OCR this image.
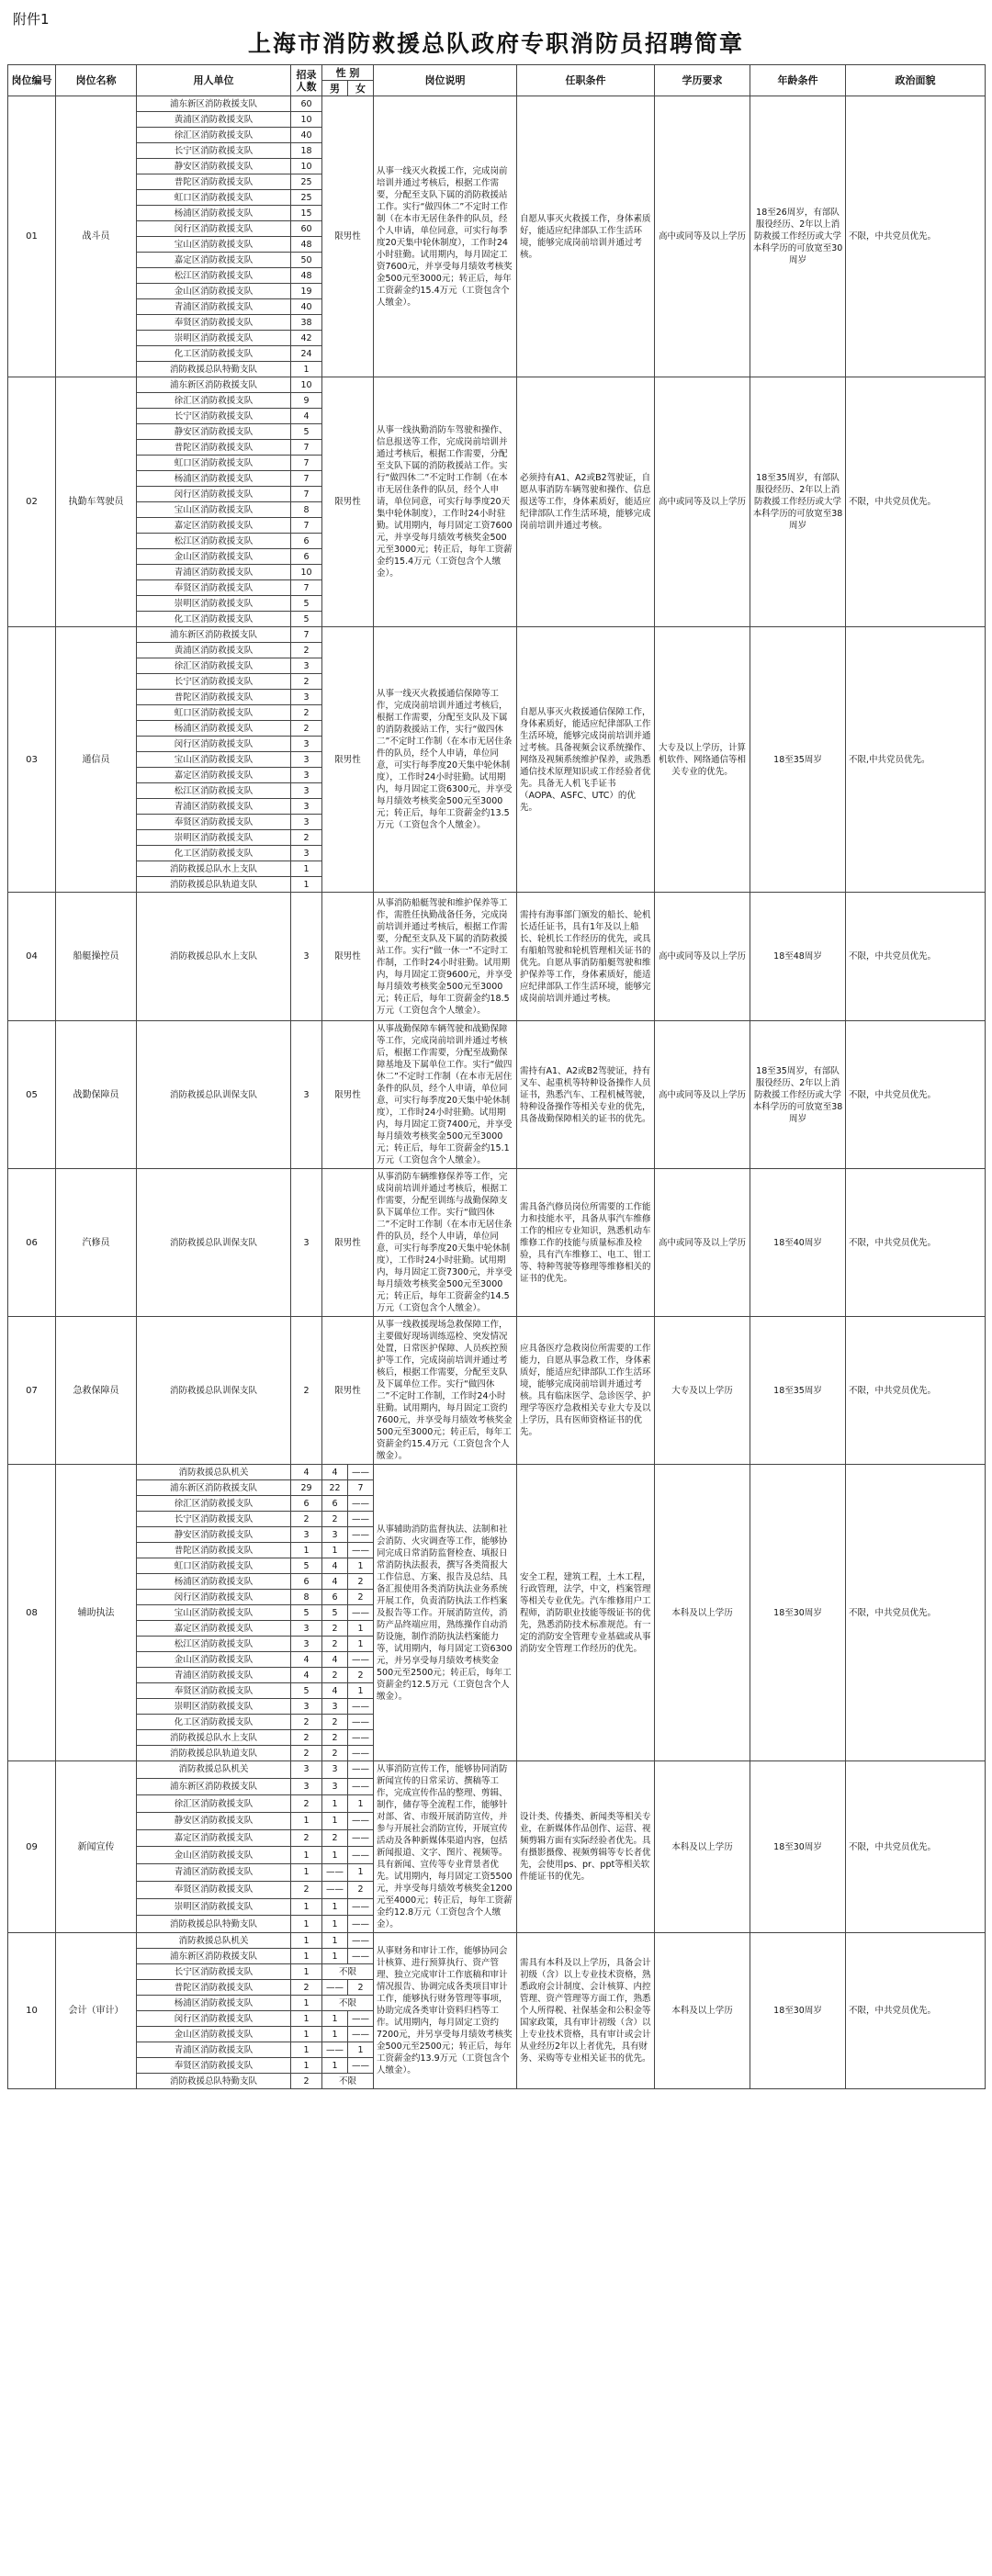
附件1
上海市消防救援总队政府专职消防员招聘简章
岗位编号	岗位名称	用人单位	招录人数	性 别		岗位说明	任职条件	学历要求	年龄条件	政治面貌
				男	女					
01	战斗员	浦东新区消防救援支队	60	限男性		从事一线灭火救援工作，完成岗前培训并通过考核后，根据工作需要，分配至支队下属的消防救援站工作。实行“做四休二”不定时工作制（在本市无居住条件的队员，经个人申请，单位同意，可实行每季度20天集中轮休制度），工作时24小时驻勤。试用期内，每月固定工资7600元，并享受每月绩效考核奖金500元至3000元；转正后，每年工资薪金约15.4万元（工资包含个人缴金）。	自愿从事灭火救援工作，身体素质好，能适应纪律部队工作生活环境，能够完成岗前培训并通过考核。	高中或同等及以上学历	18至26周岁，有部队服役经历、2年以上消防救援工作经历或大学本科学历的可放宽至30周岁	不限，中共党员优先。
		黄浦区消防救援支队	10							
		徐汇区消防救援支队	40							
		长宁区消防救援支队	18							
		静安区消防救援支队	10							
		普陀区消防救援支队	25							
		虹口区消防救援支队	25							
		杨浦区消防救援支队	15							
		闵行区消防救援支队	60							
		宝山区消防救援支队	48							
		嘉定区消防救援支队	50							
		松江区消防救援支队	48							
		金山区消防救援支队	19							
		青浦区消防救援支队	40							
		奉贤区消防救援支队	38							
		崇明区消防救援支队	42							
		化工区消防救援支队	24							
		消防救援总队特勤支队	1							
02	执勤车驾驶员	浦东新区消防救援支队	10	限男性		从事一线执勤消防车驾驶和操作、信息报送等工作，完成岗前培训并通过考核后，根据工作需要，分配至支队下属的消防救援站工作。实行“做四休二”不定时工作制（在本市无居住条件的队员，经个人申请，单位同意，可实行每季度20天集中轮休制度），工作时24小时驻勤。试用期内，每月固定工资7600元，并享受每月绩效考核奖金500元至3000元；转正后，每年工资薪金约15.4万元（工资包含个人缴金）。	必须持有A1、A2或B2驾驶证，自愿从事消防车辆驾驶和操作、信息报送等工作，身体素质好，能适应纪律部队工作生活环境，能够完成岗前培训并通过考核。	高中或同等及以上学历	18至35周岁，有部队服役经历、2年以上消防救援工作经历或大学本科学历的可放宽至38周岁	不限，中共党员优先。
		徐汇区消防救援支队	9							
		长宁区消防救援支队	4							
		静安区消防救援支队	5							
		普陀区消防救援支队	7							
		虹口区消防救援支队	7							
		杨浦区消防救援支队	7							
		闵行区消防救援支队	7							
		宝山区消防救援支队	8							
		嘉定区消防救援支队	7							
		松江区消防救援支队	6							
		金山区消防救援支队	6							
		青浦区消防救援支队	10							
		奉贤区消防救援支队	7							
		崇明区消防救援支队	5							
		化工区消防救援支队	5							
03	通信员	浦东新区消防救援支队	7	限男性		从事一线灭火救援通信保障等工作，完成岗前培训并通过考核后，根据工作需要，分配至支队及下属的消防救援站工作，实行“做四休二”不定时工作制（在本市无居住条件的队员，经个人申请，单位同意，可实行每季度20天集中轮休制度），工作时24小时驻勤。试用期内，每月固定工资6300元，并享受每月绩效考核奖金500元至3000元；转正后，每年工资薪金约13.5万元（工资包含个人缴金）。	自愿从事灭火救援通信保障工作，身体素质好，能适应纪律部队工作生活环境，能够完成岗前培训并通过考核。具备视频会议系统操作、网络及视频系统维护保养，或熟悉通信技术原理知识或工作经验者优先。具备无人机飞手证书（AOPA、ASFC、UTC）的优先。	大专及以上学历，计算机软件、网络通信等相关专业的优先。	18至35周岁	不限,中共党员优先。
		黄浦区消防救援支队	2							
		徐汇区消防救援支队	3							
		长宁区消防救援支队	2							
		普陀区消防救援支队	3							
		虹口区消防救援支队	2							
		杨浦区消防救援支队	2							
		闵行区消防救援支队	3							
		宝山区消防救援支队	3							
		嘉定区消防救援支队	3							
		松江区消防救援支队	3							
		青浦区消防救援支队	3							
		奉贤区消防救援支队	3							
		崇明区消防救援支队	2							
		化工区消防救援支队	3							
		消防救援总队水上支队	1							
		消防救援总队轨道支队	1							
04	船艇操控员	消防救援总队水上支队	3	限男性		从事消防船艇驾驶和维护保养等工作，需胜任执勤战备任务，完成岗前培训并通过考核后，根据工作需要，分配至支队及下属的消防救援站工作。实行“做一休一”不定时工作制，工作时24小时驻勤。试用期内，每月固定工资9600元，并享受每月绩效考核奖金500元至3000元；转正后，每年工资薪金约18.5万元（工资包含个人缴金）。	需持有海事部门颁发的船长、轮机长适任证书，具有1年及以上船长、轮机长工作经历的优先，或具有船舶驾驶和轮机管理相关证书的优先。自愿从事消防船艇驾驶和维护保养等工作，身体素质好，能适应纪律部队工作生活环境，能够完成岗前培训并通过考核。	高中或同等及以上学历	18至48周岁	不限，中共党员优先。
05	战勤保障员	消防救援总队训保支队	3	限男性		从事战勤保障车辆驾驶和战勤保障等工作，完成岗前培训并通过考核后，根据工作需要，分配至战勤保障基地及下属单位工作。实行“做四休二”不定时工作制（在本市无居住条件的队员，经个人申请，单位同意，可实行每季度20天集中轮休制度），工作时24小时驻勤。试用期内，每月固定工资7400元，并享受每月绩效考核奖金500元至3000元；转正后，每年工资薪金约15.1万元（工资包含个人缴金）。	需持有A1、A2或B2驾驶证，持有叉车、起重机等特种设备操作人员证书，熟悉汽车、工程机械驾驶，特种设备操作等相关专业的优先，具备战勤保障相关的证书的优先。	高中或同等及以上学历	18至35周岁，有部队服役经历、2年以上消防救援工作经历或大学本科学历的可放宽至38周岁	不限，中共党员优先。
06	汽修员	消防救援总队训保支队	3	限男性		从事消防车辆维修保养等工作，完成岗前培训并通过考核后，根据工作需要，分配至训练与战勤保障支队下属单位工作。实行“做四休二”不定时工作制（在本市无居住条件的队员，经个人申请，单位同意，可实行每季度20天集中轮休制度），工作时24小时驻勤。试用期内，每月固定工资7300元，并享受每月绩效考核奖金500元至3000元；转正后，每年工资薪金约14.5万元（工资包含个人缴金）。	需具备汽修员岗位所需要的工作能力和技能水平，具备从事汽车维修工作的相应专业知识，熟悉机动车维修工作的技能与质量标准及检验，具有汽车维修工、电工、钳工等、特种驾驶等修理等维修相关的证书的优先。	高中或同等及以上学历	18至40周岁	不限，中共党员优先。
07	急救保障员	消防救援总队训保支队	2	限男性		从事一线救援现场急救保障工作，主要做好现场训练巡检、突发情况处置，日常医护保障、人员疾控预护等工作，完成岗前培训并通过考核后，根据工作需要，分配至支队及下属单位工作。实行“做四休二”不定时工作制，工作时24小时驻勤。试用期内，每月固定工资约7600元，并享受每月绩效考核奖金500元至3000元；转正后，每年工资薪金约15.4万元（工资包含个人缴金）。	应具备医疗急救岗位所需要的工作能力，自愿从事急救工作，身体素质好，能适应纪律部队工作生活环境，能够完成岗前培训并通过考核。具有临床医学、急诊医学、护理学等医疗急救相关专业大专及以上学历，具有医师资格证书的优先。	大专及以上学历	18至35周岁	不限，中共党员优先。
08	辅助执法	消防救援总队机关	4	4	——	从事辅助消防监督执法、法制和社会消防、火灾调查等工作，能够协同完成日常消防监督检查、填报日常消防执法报表，撰写各类简报大工作信息、方案、报告及总结、具备汇报使用各类消防执法业务系统开展工作，负责消防执法工作档案及报告等工作。开展消防宣传，消防产品终端应用，熟练操作自动消防设施，制作消防执法档案能力等，试用期内，每月固定工资6300元，并另享受每月绩效考核奖金500元至2500元；转正后，每年工资薪金约12.5万元（工资包含个人缴金）。	安全工程，建筑工程，土木工程，行政管理，法学，中文，档案管理等相关专业优先。汽车维修用户工程师，消防职业技能等级证书的优先，熟悉消防技术标准规范。有一定的消防安全管理专业基础或从事消防安全管理工作经历的优先。	本科及以上学历	18至30周岁	不限，中共党员优先。
		浦东新区消防救援支队	29	22	7					
		徐汇区消防救援支队	6	6	——					
		长宁区消防救援支队	2	2	——					
		静安区消防救援支队	3	3	——					
		普陀区消防救援支队	1	1	——					
		虹口区消防救援支队	5	4	1					
		杨浦区消防救援支队	6	4	2					
		闵行区消防救援支队	8	6	2					
		宝山区消防救援支队	5	5	——					
		嘉定区消防救援支队	3	2	1					
		松江区消防救援支队	3	2	1					
		金山区消防救援支队	4	4	——					
		青浦区消防救援支队	4	2	2					
		奉贤区消防救援支队	5	4	1					
		崇明区消防救援支队	3	3	——					
		化工区消防救援支队	2	2	——					
		消防救援总队水上支队	2	2	——					
		消防救援总队轨道支队	2	2	——					
09	新闻宣传	消防救援总队机关	3	3	——	从事消防宣传工作，能够协同消防新闻宣传的日常采访、撰稿等工作，完成宣传作品的整理、剪辑、制作，储存等全流程工作，能够针对部、省、市级开展消防宣传，并参与开展社会消防宣传，开展宣传活动及各种新媒体渠道内容，包括新闻报道、文字、图片、视频等。具有新闻、宣传等专业背景者优先。试用期内，每月固定工资5500元，并享受每月绩效考核奖金1200元至4000元；转正后，每年工资薪金约12.8万元（工资包含个人缴金）。	设计类、传播类、新闻类等相关专业，在新媒体作品创作、运营、视频剪辑方面有实际经验者优先。具有摄影摄像、视频剪辑等专长者优先，会使用ps、pr、ppt等相关软件能证书的优先。	本科及以上学历	18至30周岁	不限，中共党员优先。
		浦东新区消防救援支队	3	3	——					
		徐汇区消防救援支队	2	1	1					
		静安区消防救援支队	1	1	——					
		嘉定区消防救援支队	2	2	——					
		金山区消防救援支队	1	1	——					
		青浦区消防救援支队	1	——	1					
		奉贤区消防救援支队	2	——	2					
		崇明区消防救援支队	1	1	——					
		消防救援总队特勤支队	1	1	——					
10	会计（审计）	消防救援总队机关	1	1	——	从事财务和审计工作，能够协同会计核算、进行预算执行、资产管理、独立完成审计工作底稿和审计情况报告、协调完成各类项目审计工作，能够执行财务管理等事项，协助完成各类审计资料归档等工作。试用期内，每月固定工资约7200元，并另享受每月绩效考核奖金500元至2500元；转正后，每年工资薪金约13.9万元（工资包含个人缴金）。	需具有本科及以上学历，具备会计初级（含）以上专业技术资格，熟悉政府会计制度、会计核算、内控管理、资产管理等方面工作，熟悉个人所得税、社保基金和公积金等国家政策，具有审计初级（含）以上专业技术资格，具有审计或会计从业经历2年以上者优先，具有财务、采购等专业相关证书的优先。	本科及以上学历	18至30周岁	不限，中共党员优先。
		浦东新区消防救援支队	1	1	——					
		长宁区消防救援支队	1	不限						
		普陀区消防救援支队	2	——	2					
		杨浦区消防救援支队	1	不限						
		闵行区消防救援支队	1	1	——					
		金山区消防救援支队	1	1	——					
		青浦区消防救援支队	1	——	1					
		奉贤区消防救援支队	1	1	——					
		消防救援总队特勤支队	2	不限						
